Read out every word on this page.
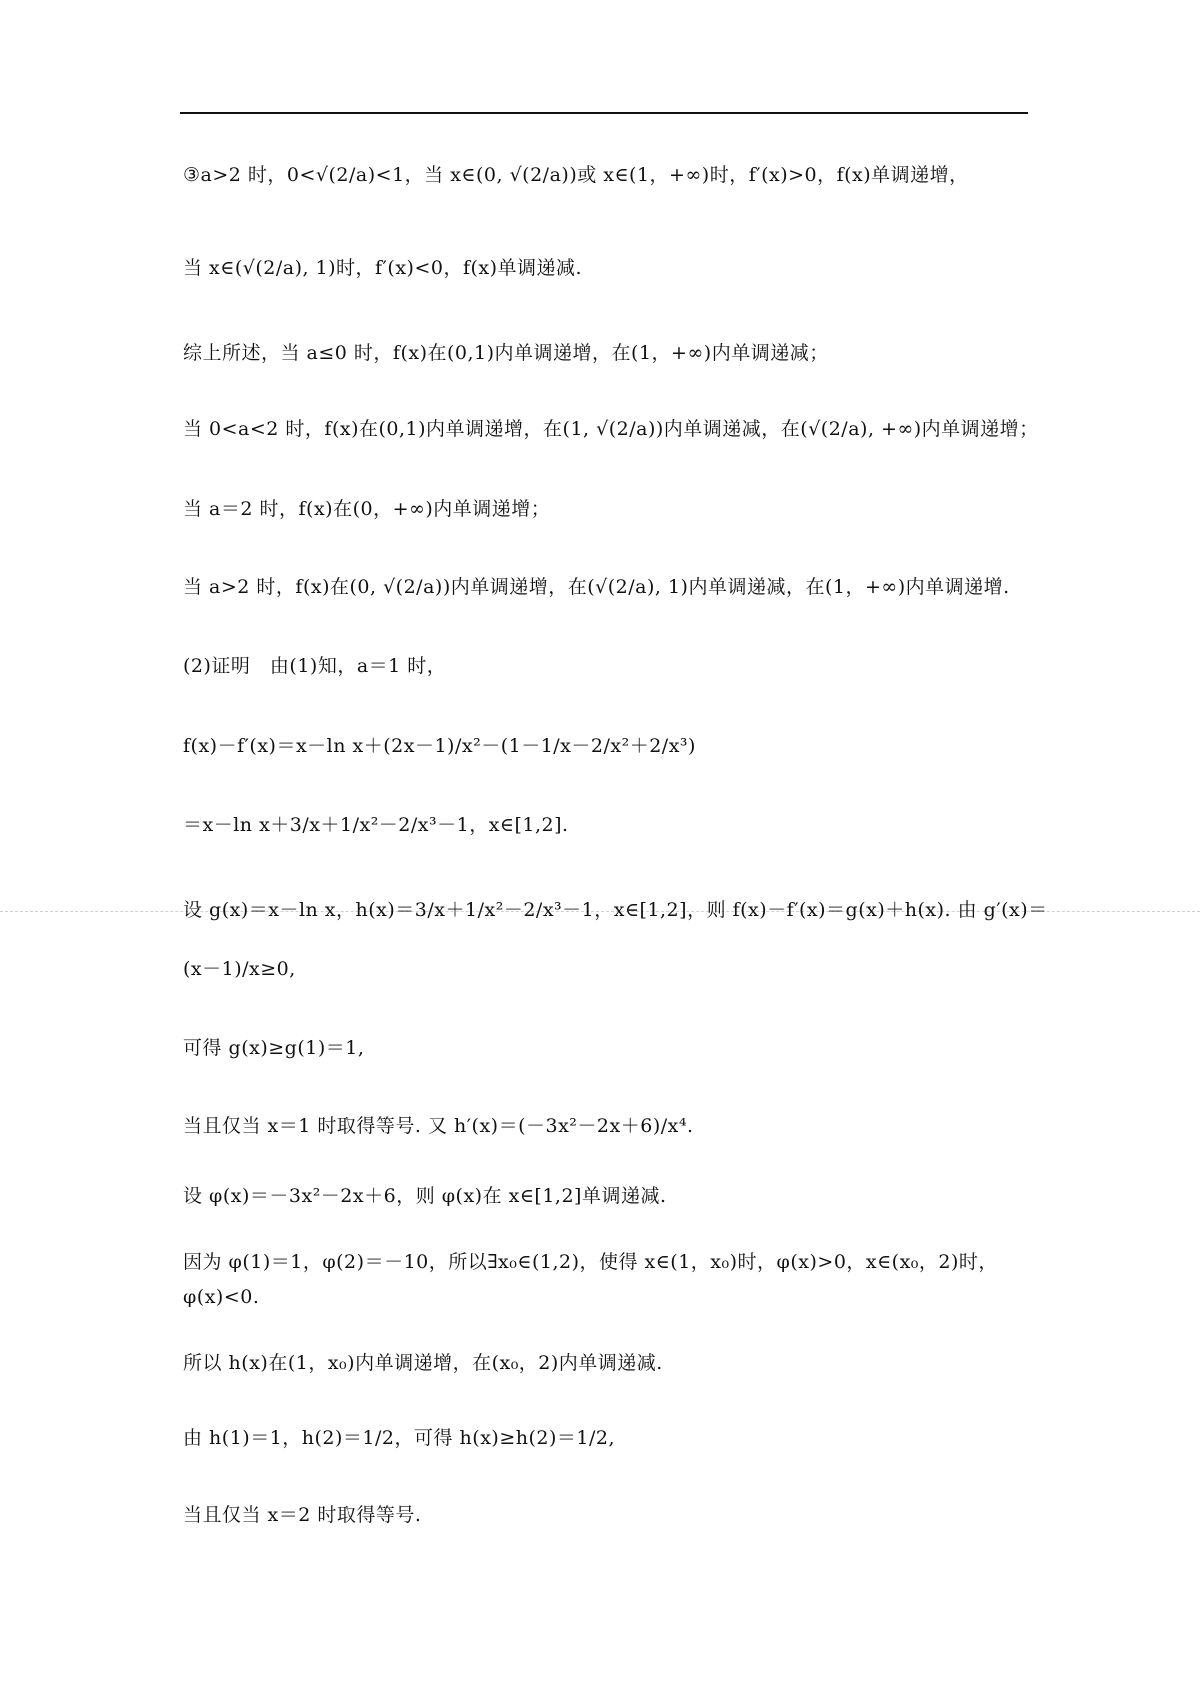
③a>2 时，0<√(2/a)<1，当 x∈(0, √(2/a))或 x∈(1，+∞)时，f′(x)>0，f(x)单调递增，
当 x∈(√(2/a), 1)时，f′(x)<0，f(x)单调递减.
综上所述，当 a≤0 时，f(x)在(0,1)内单调递增，在(1，+∞)内单调递减；
当 0<a<2 时，f(x)在(0,1)内单调递增，在(1, √(2/a))内单调递减，在(√(2/a), +∞)内单调递增；
当 a＝2 时，f(x)在(0，+∞)内单调递增；
当 a>2 时，f(x)在(0, √(2/a))内单调递增，在(√(2/a), 1)内单调递减，在(1，+∞)内单调递增.
(2)证明　由(1)知，a＝1 时，
f(x)－f′(x)＝x－ln x＋(2x－1)/x²－(1－1/x－2/x²＋2/x³)
＝x－ln x＋3/x＋1/x²－2/x³－1，x∈[1,2].
设 g(x)＝x－ln x，h(x)＝3/x＋1/x²－2/x³－1，x∈[1,2]，则 f(x)－f′(x)＝g(x)＋h(x). 由 g′(x)＝
(x－1)/x≥0,
可得 g(x)≥g(1)＝1,
当且仅当 x＝1 时取得等号. 又 h′(x)＝(－3x²－2x＋6)/x⁴.
设 φ(x)＝－3x²－2x＋6，则 φ(x)在 x∈[1,2]单调递减.
因为 φ(1)＝1，φ(2)＝－10，所以∃x₀∈(1,2)，使得 x∈(1，x₀)时，φ(x)>0，x∈(x₀，2)时，
φ(x)<0.
所以 h(x)在(1，x₀)内单调递增，在(x₀，2)内单调递减.
由 h(1)＝1，h(2)＝1/2，可得 h(x)≥h(2)＝1/2,
当且仅当 x＝2 时取得等号.
